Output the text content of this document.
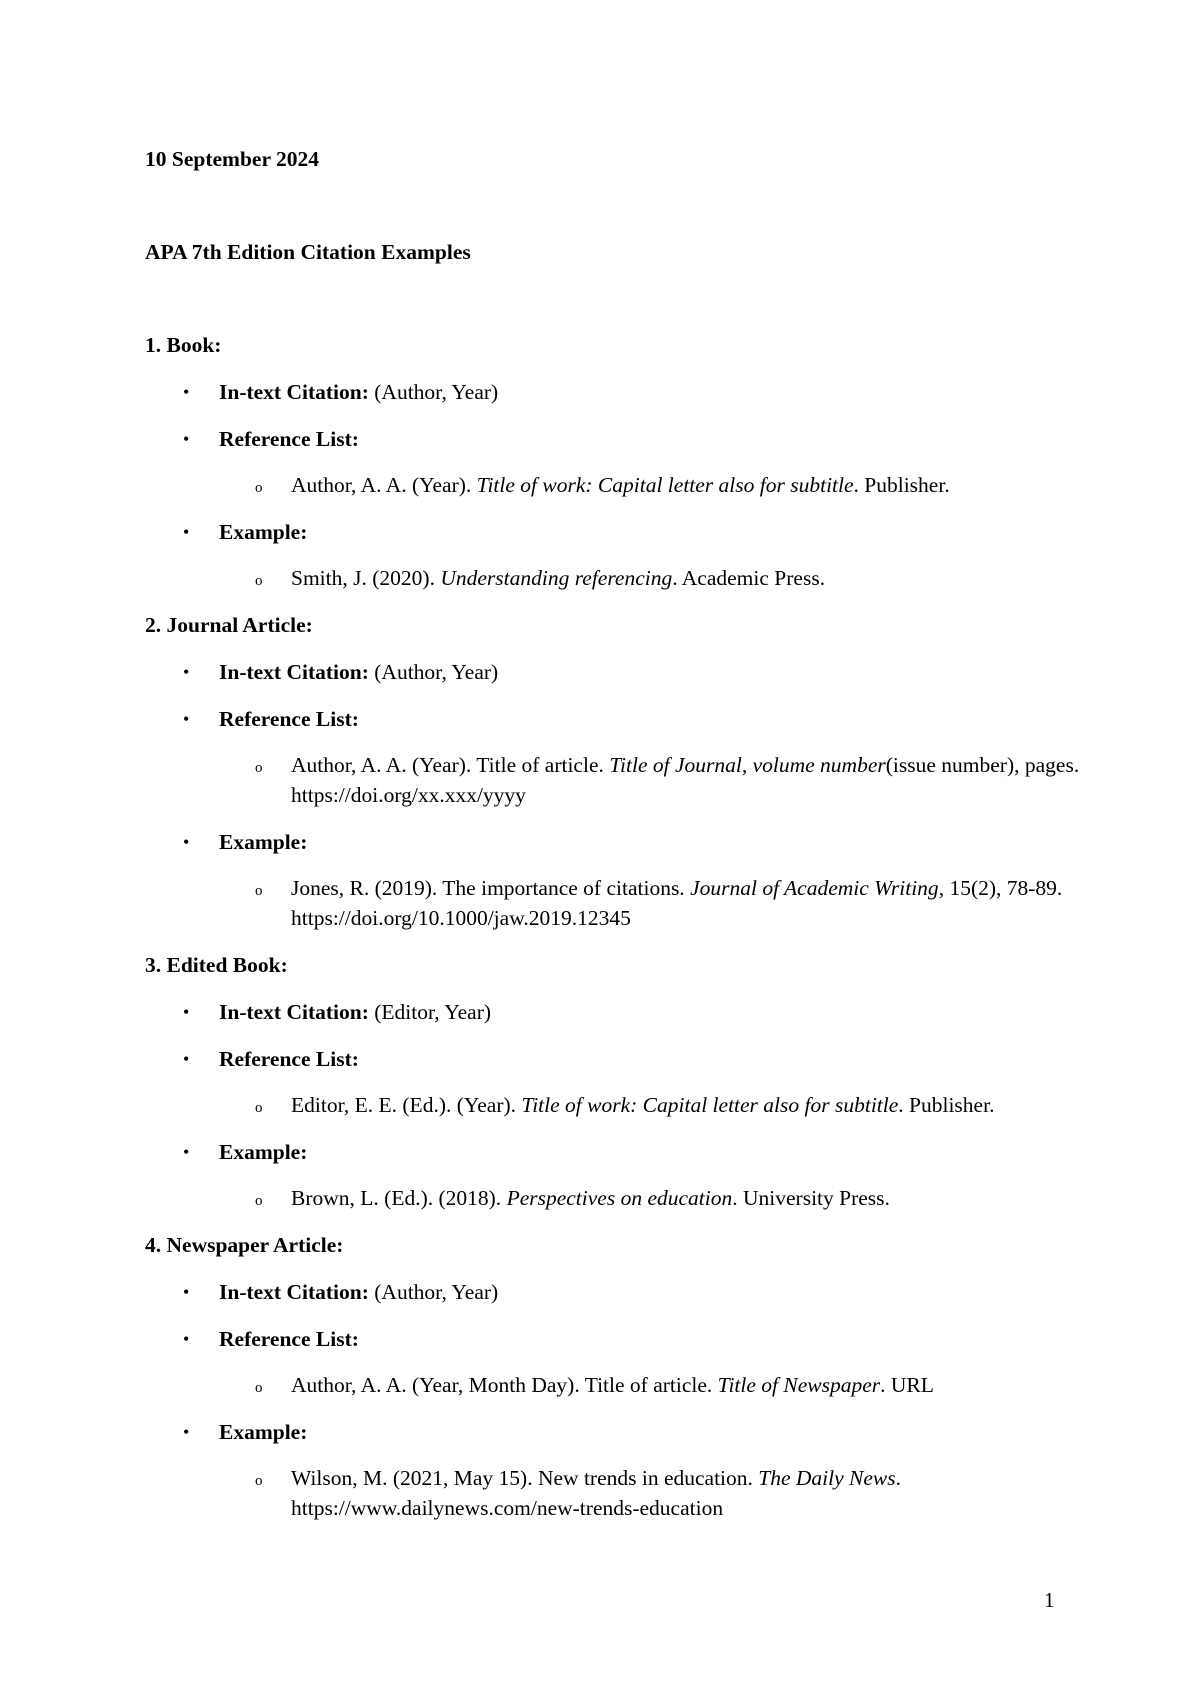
10 September 2024
APA 7th Edition Citation Examples
1. Book:
• In-text Citation: (Author, Year)
• Reference List:
o Author, A. A. (Year). Title of work: Capital letter also for subtitle. Publisher.
• Example:
o Smith, J. (2020). Understanding referencing. Academic Press.
2. Journal Article:
• In-text Citation: (Author, Year)
• Reference List:
o Author, A. A. (Year). Title of article. Title of Journal, volume number(issue number), pages. https://doi.org/xx.xxx/yyyy
• Example:
o Jones, R. (2019). The importance of citations. Journal of Academic Writing, 15(2), 78-89. https://doi.org/10.1000/jaw.2019.12345
3. Edited Book:
• In-text Citation: (Editor, Year)
• Reference List:
o Editor, E. E. (Ed.). (Year). Title of work: Capital letter also for subtitle. Publisher.
• Example:
o Brown, L. (Ed.). (2018). Perspectives on education. University Press.
4. Newspaper Article:
• In-text Citation: (Author, Year)
• Reference List:
o Author, A. A. (Year, Month Day). Title of article. Title of Newspaper. URL
• Example:
o Wilson, M. (2021, May 15). New trends in education. The Daily News. https://www.dailynews.com/new-trends-education
1
